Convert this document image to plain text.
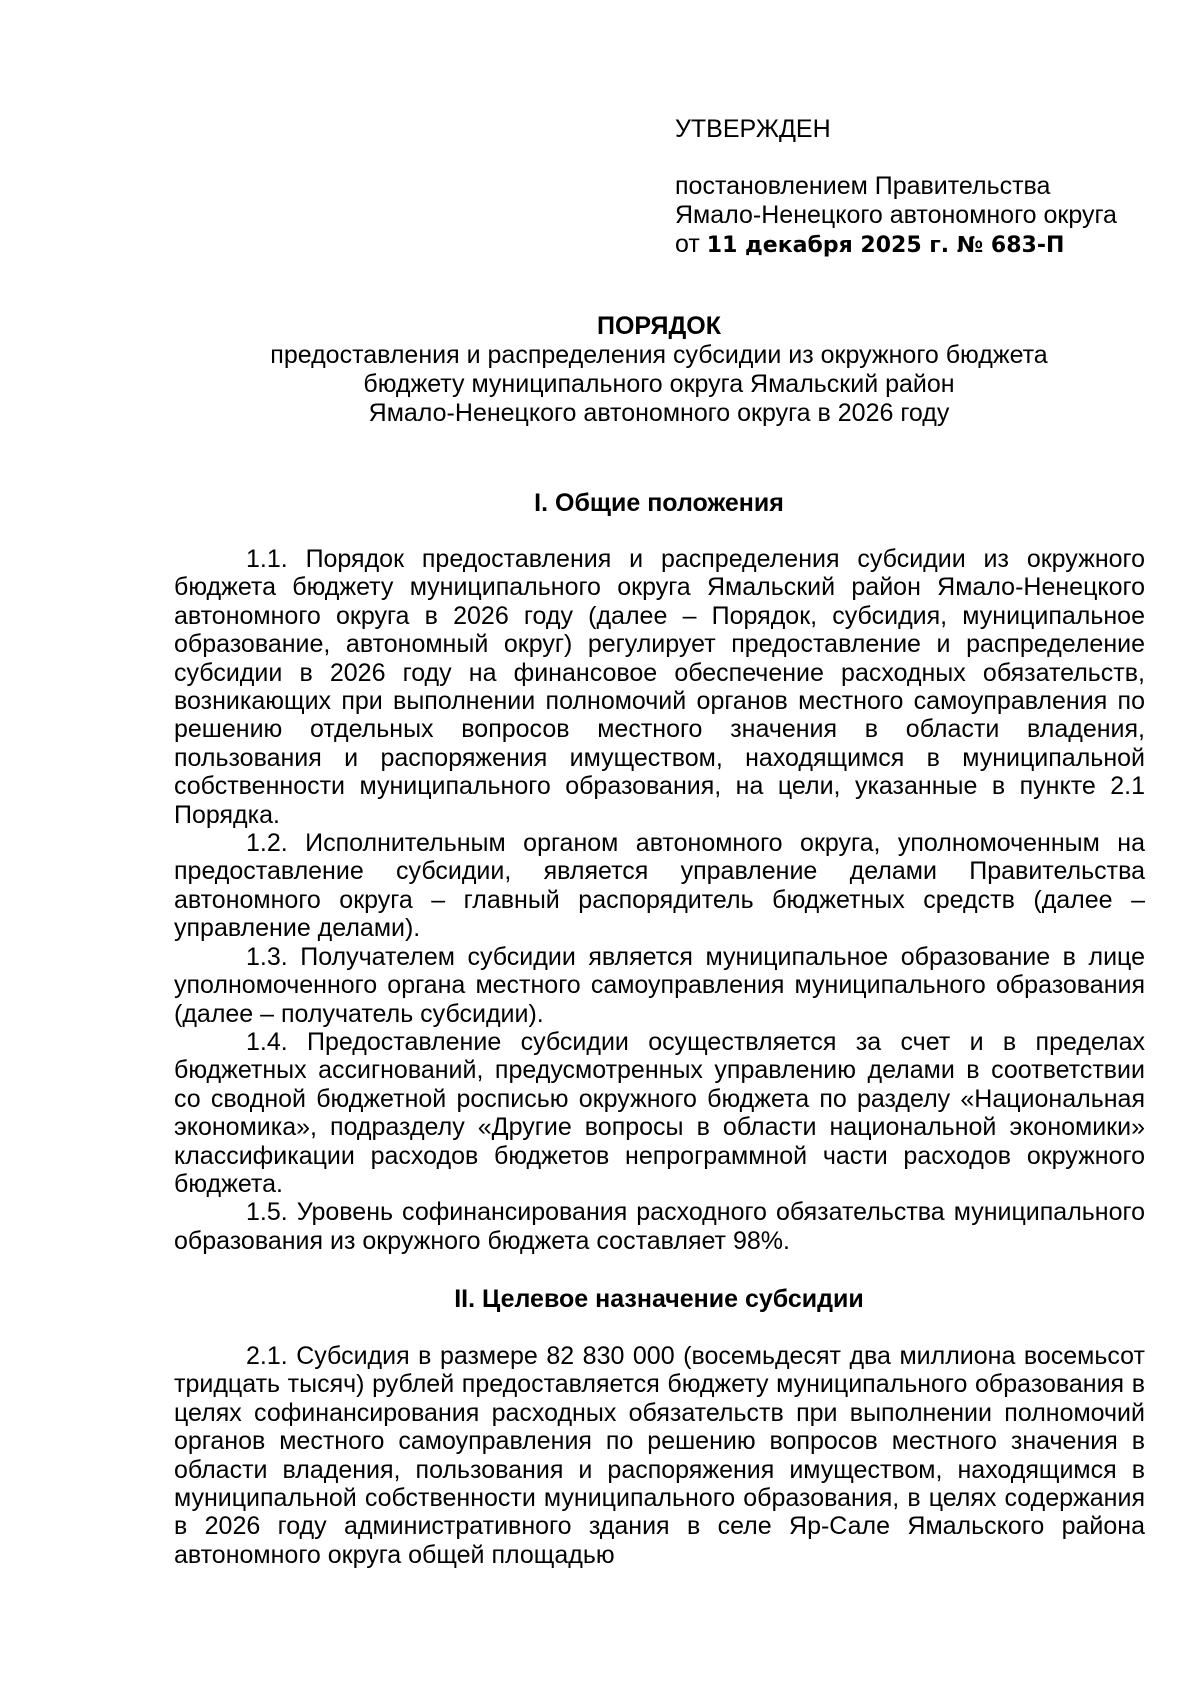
УТВЕРЖДЕН
постановлением Правительства
Ямало-Ненецкого автономного округа
от 11 декабря 2025 г. № 683-П
ПОРЯДОК
предоставления и распределения субсидии из окружного бюджета
бюджету муниципального округа Ямальский район
Ямало-Ненецкого автономного округа в 2026 году
I. Общие положения

1.1. Порядок предоставления и распределения субсидии из окружного бюджета бюджету муниципального округа Ямальский район Ямало-Ненецкого автономного округа в 2026 году (далее – Порядок, субсидия, муниципальное образование, автономный округ) регулирует предоставление и распределение субсидии в 2026 году на финансовое обеспечение расходных обязательств, возникающих при выполнении полномочий органов местного самоуправления по решению отдельных вопросов местного значения в области владения, пользования и распоряжения имуществом, находящимся в муниципальной собственности муниципального образования, на цели, указанные в пункте 2.1 Порядка.

1.2. Исполнительным органом автономного округа, уполномоченным на предоставление субсидии, является управление делами Правительства автономного округа – главный распорядитель бюджетных средств (далее – управление делами).

1.3. Получателем субсидии является муниципальное образование в лице уполномоченного органа местного самоуправления муниципального образования (далее – получатель субсидии).

1.4. Предоставление субсидии осуществляется за счет и в пределах бюджетных ассигнований, предусмотренных управлению делами в соответствии со сводной бюджетной росписью окружного бюджета по разделу «Национальная экономика», подразделу «Другие вопросы в области национальной экономики» классификации расходов бюджетов непрограммной части расходов окружного бюджета.

1.5. Уровень софинансирования расходного обязательства муниципального образования из окружного бюджета составляет 98%.

II. Целевое назначение субсидии

2.1. Субсидия в размере 82 830 000 (восемьдесят два миллиона восемьсот тридцать тысяч) рублей предоставляется бюджету муниципального образования в целях софинансирования расходных обязательств при выполнении полномочий органов местного самоуправления по решению вопросов местного значения в области владения, пользования и распоряжения имуществом, находящимся в муниципальной собственности муниципального образования, в целях содержания в 2026 году административного здания в селе Яр-Сале Ямальского района автономного округа общей площадью
